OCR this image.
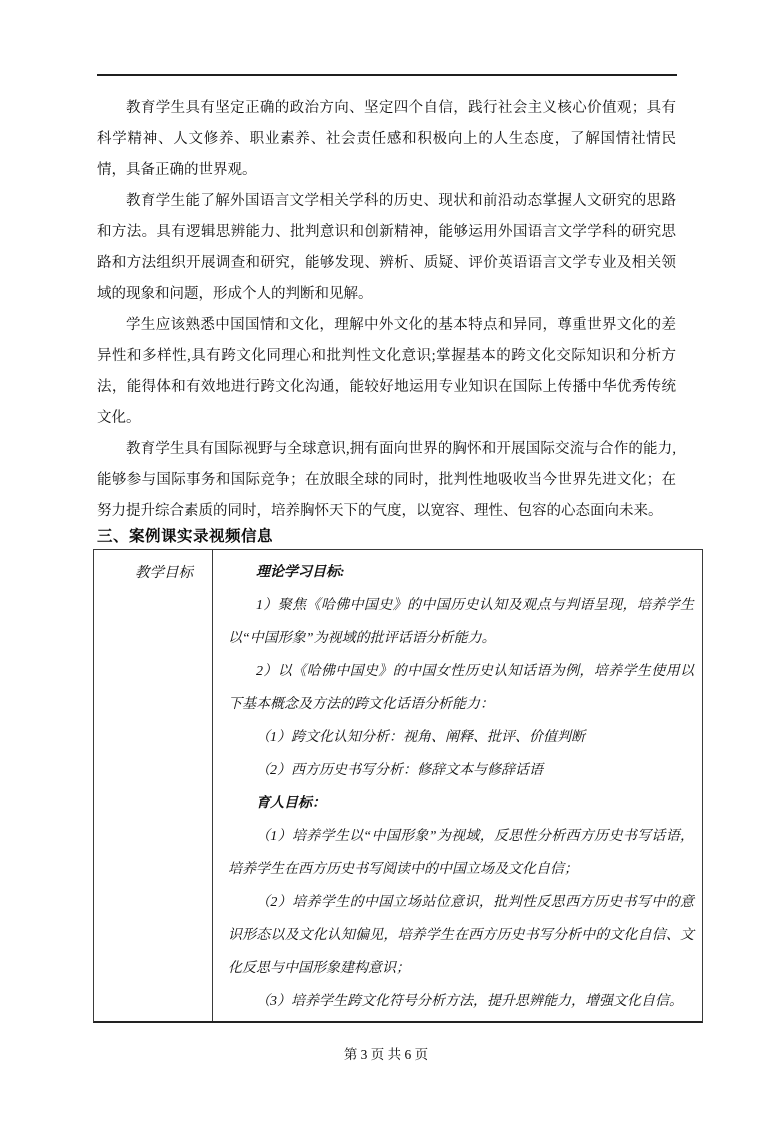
教育学生具有坚定正确的政治方向、坚定四个自信，践行社会主义核心价值观；具有科学精神、人文修养、职业素养、社会责任感和积极向上的人生态度，了解国情社情民情，具备正确的世界观。

教育学生能了解外国语言文学相关学科的历史、现状和前沿动态掌握人文研究的思路和方法。具有逻辑思辨能力、批判意识和创新精神，能够运用外国语言文学学科的研究思路和方法组织开展调查和研究，能够发现、辨析、质疑、评价英语语言文学专业及相关领域的现象和问题，形成个人的判断和见解。

学生应该熟悉中国国情和文化，理解中外文化的基本特点和异同，尊重世界文化的差异性和多样性,具有跨文化同理心和批判性文化意识;掌握基本的跨文化交际知识和分析方法，能得体和有效地进行跨文化沟通，能较好地运用专业知识在国际上传播中华优秀传统文化。

教育学生具有国际视野与全球意识,拥有面向世界的胸怀和开展国际交流与合作的能力,能够参与国际事务和国际竞争；在放眼全球的同时，批判性地吸收当今世界先进文化；在努力提升综合素质的同时，培养胸怀天下的气度，以宽容、理性、包容的心态面向未来。

三、案例课实录视频信息
教学目标	理论学习目标:

1）聚焦《哈佛中国史》的中国历史认知及观点与判语呈现，培养学生以“中国形象”为视域的批评话语分析能力。

2）以《哈佛中国史》的中国女性历史认知话语为例，培养学生使用以下基本概念及方法的跨文化话语分析能力：

（1）跨文化认知分析：视角、阐释、批评、价值判断

（2）西方历史书写分析：修辞文本与修辞话语

育人目标：

（1）培养学生以“中国形象”为视域，反思性分析西方历史书写话语，培养学生在西方历史书写阅读中的中国立场及文化自信；

（2）培养学生的中国立场站位意识，批判性反思西方历史书写中的意识形态以及文化认知偏见，培养学生在西方历史书写分析中的文化自信、文化反思与中国形象建构意识；

（3）培养学生跨文化符号分析方法，提升思辨能力，增强文化自信。

第 3 页 共 6 页
